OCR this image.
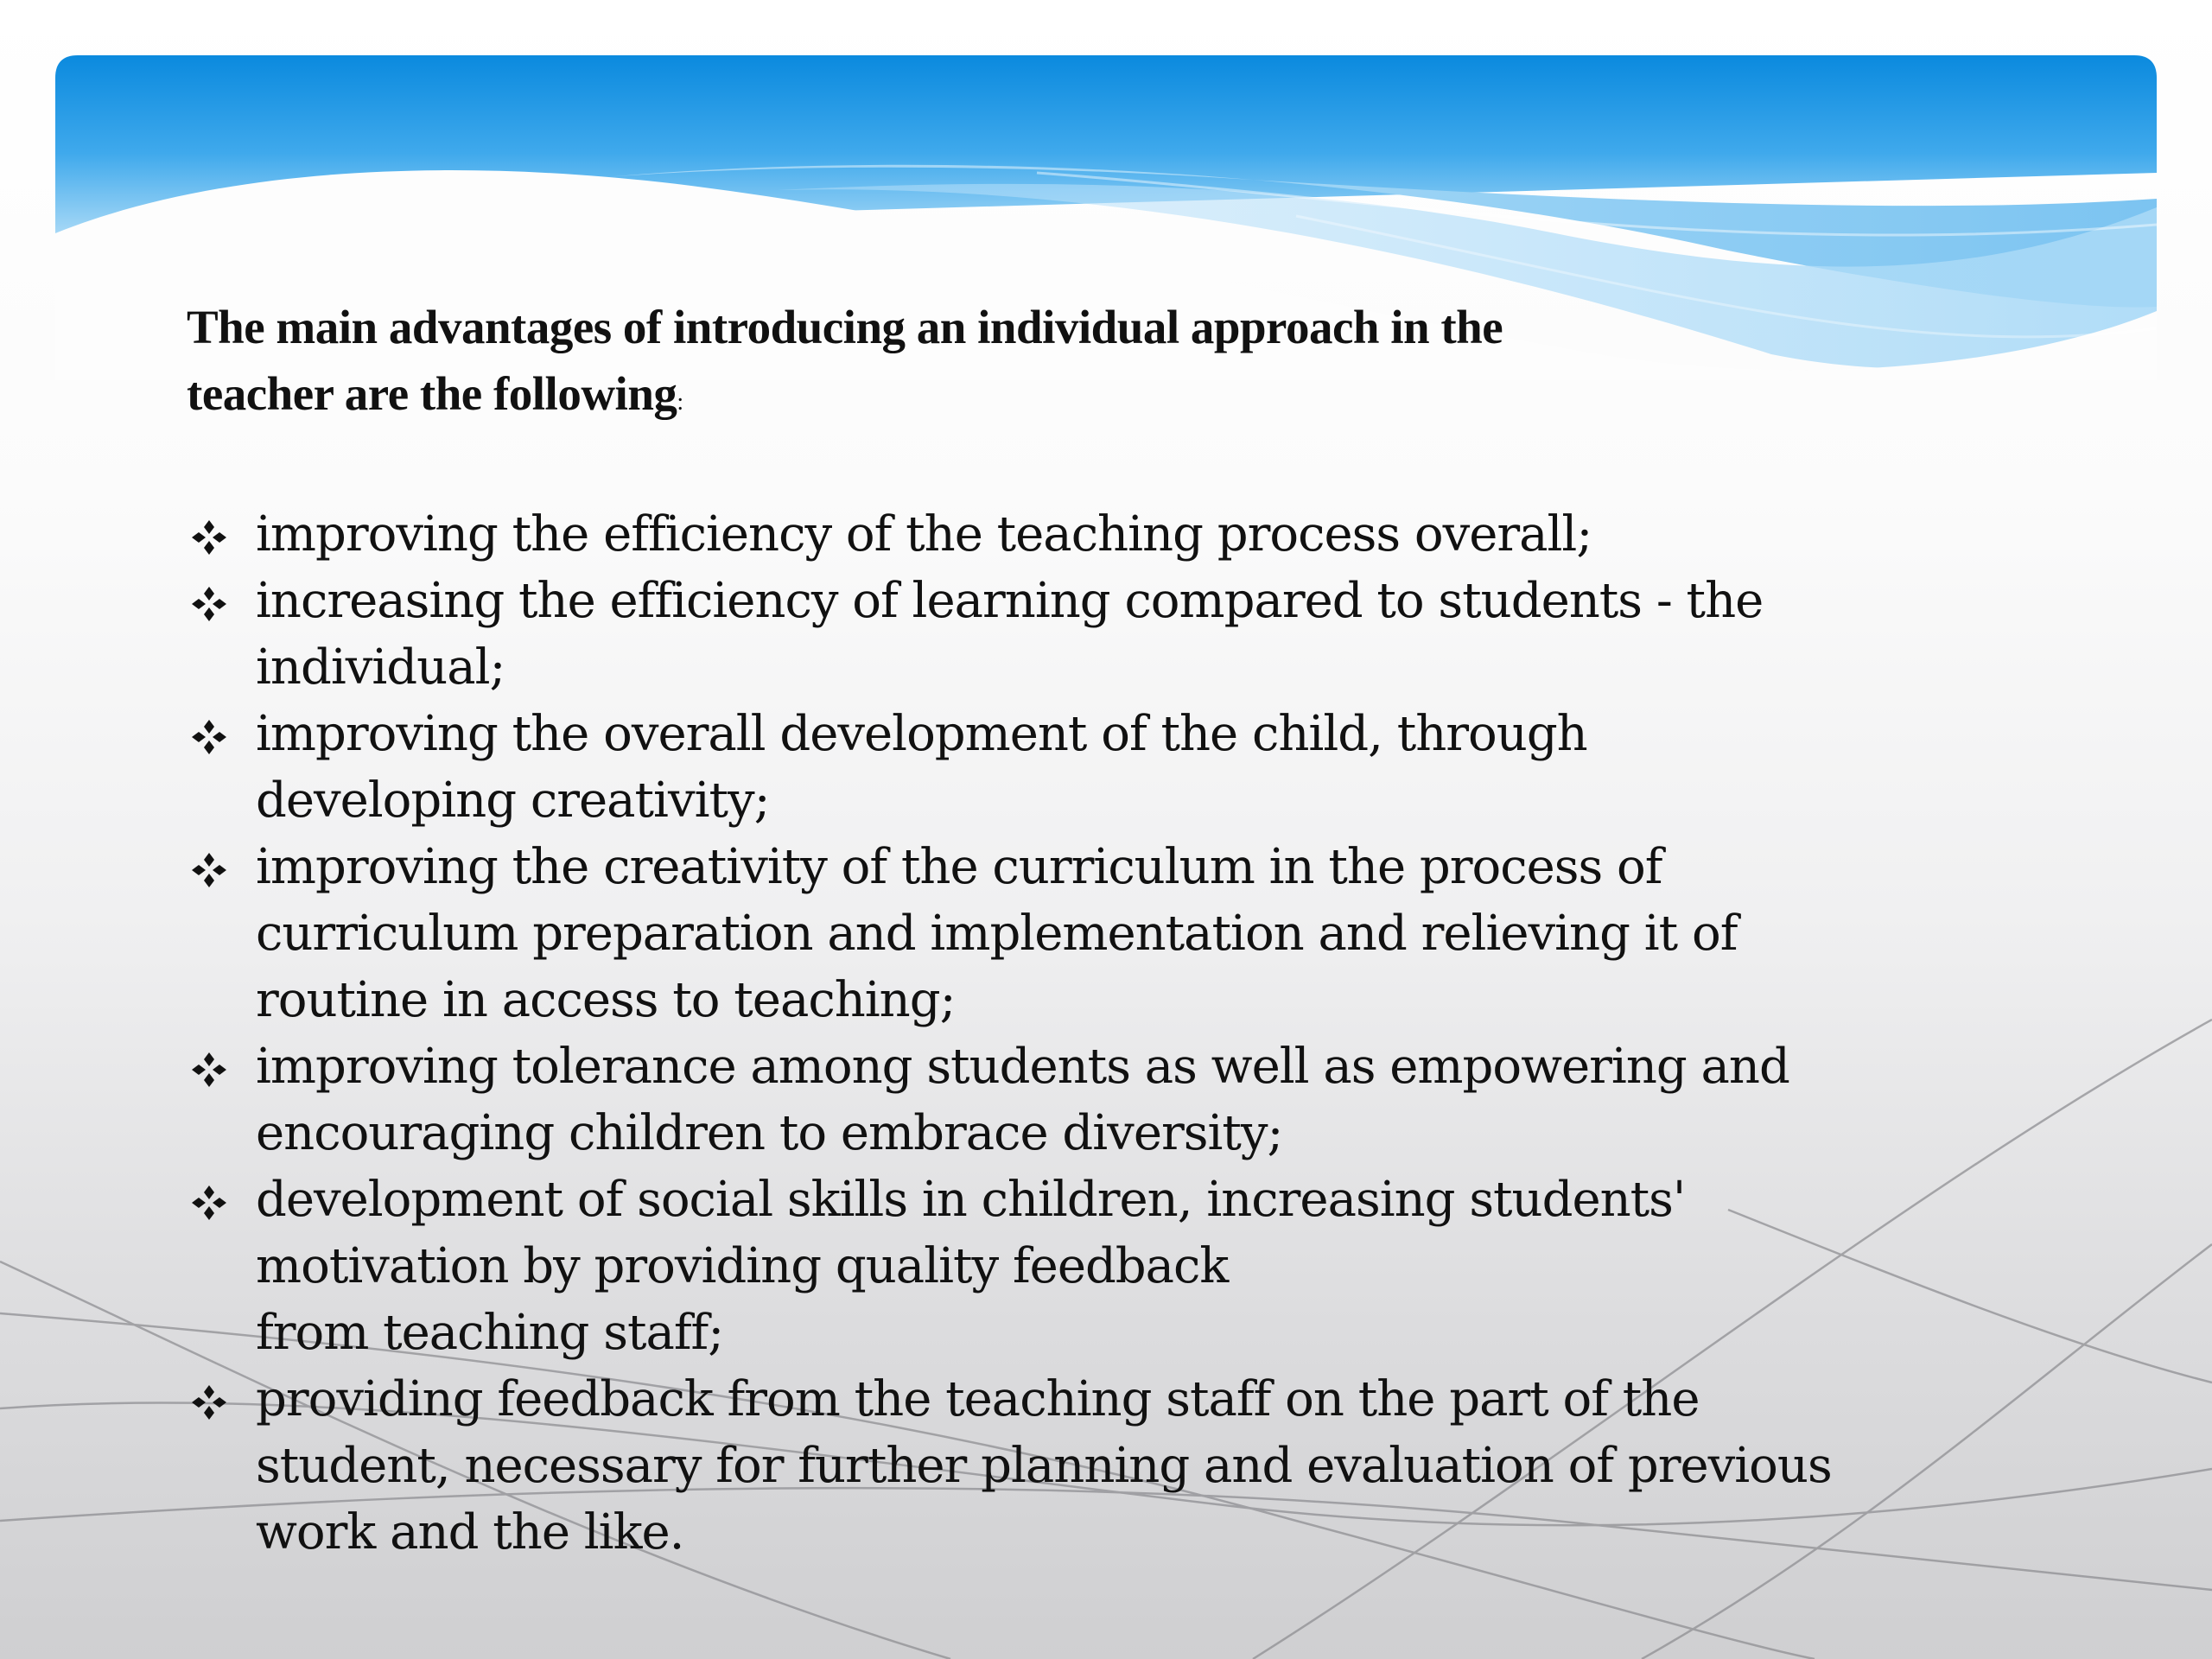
The main advantages of introducing an individual approach in the
teacher are the following:
improving the efficiency of the teaching process overall;
increasing the efficiency of learning compared to students - the
individual;
improving the overall development of the child, through
developing creativity;
improving the creativity of the curriculum in the process of
curriculum preparation and implementation and relieving it of
routine in access to teaching;
improving tolerance among students as well as empowering and
encouraging children to embrace diversity;
development of social skills in children, increasing students'
motivation by providing quality feedback
from teaching staff;
providing feedback from the teaching staff on the part of the
student, necessary for further planning and evaluation of previous
work and the like.
